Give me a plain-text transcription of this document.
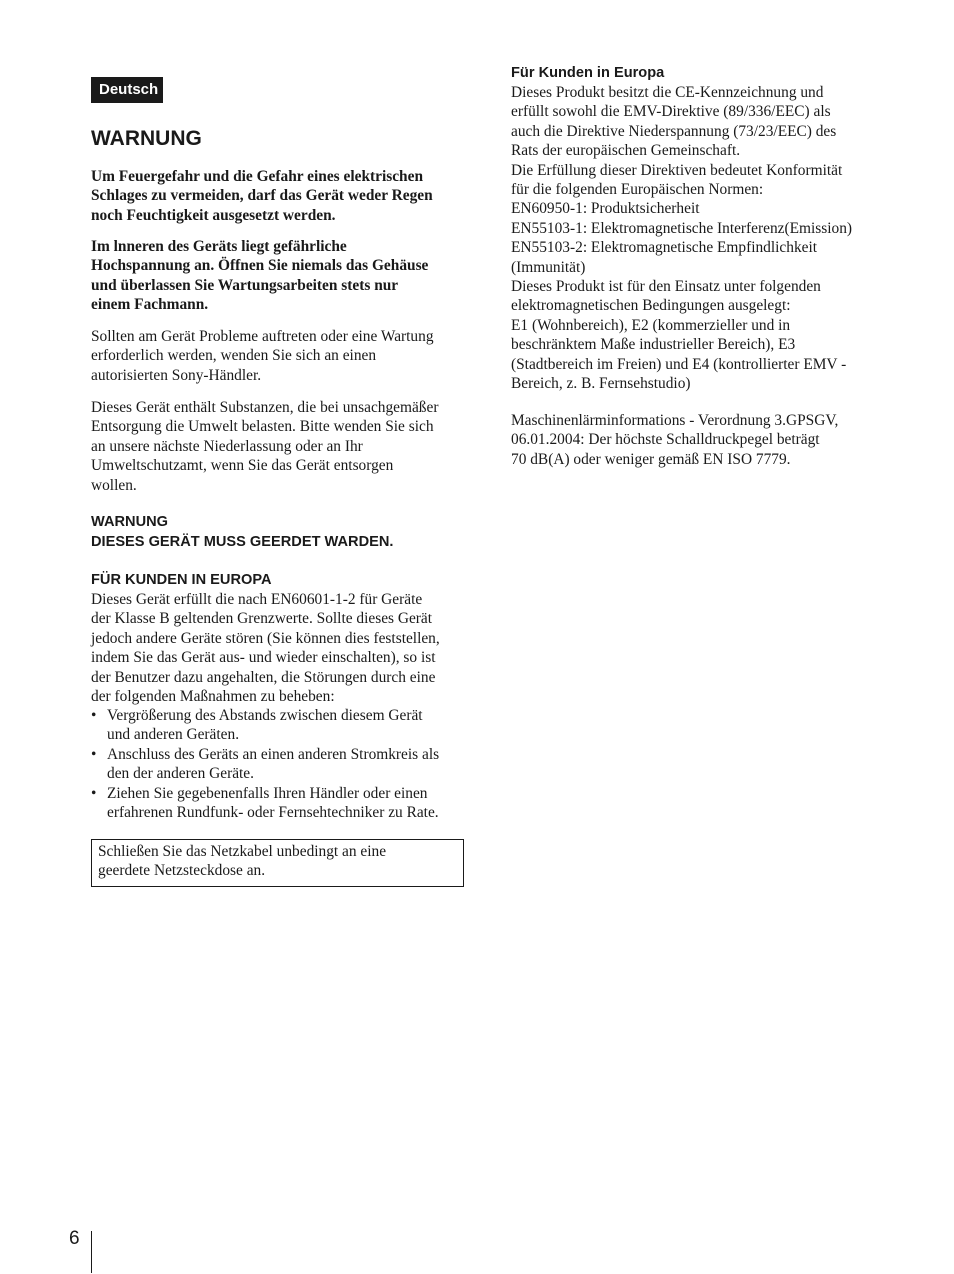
Deutsch
WARNUNG

Um Feuergefahr und die Gefahr eines elektrischen
Schlages zu vermeiden, darf das Gerät weder Regen
noch Feuchtigkeit ausgesetzt werden.

Im lnneren des Geräts liegt gefährliche
Hochspannung an. Öffnen Sie niemals das Gehäuse
und überlassen Sie Wartungsarbeiten stets nur
einem Fachmann.

Sollten am Gerät Probleme auftreten oder eine Wartung
erforderlich werden, wenden Sie sich an einen
autorisierten Sony-Händler.

Dieses Gerät enthält Substanzen, die bei unsachgemäßer
Entsorgung die Umwelt belasten. Bitte wenden Sie sich
an unsere nächste Niederlassung oder an Ihr
Umweltschutzamt, wenn Sie das Gerät entsorgen
wollen.

WARNUNG
DIESES GERÄT MUSS GEERDET WARDEN.
FÜR KUNDEN IN EUROPA

Dieses Gerät erfüllt die nach EN60601-1-2 für Geräte
der Klasse B geltenden Grenzwerte. Sollte dieses Gerät
jedoch andere Geräte stören (Sie können dies feststellen,
indem Sie das Gerät aus- und wieder einschalten), so ist
der Benutzer dazu angehalten, die Störungen durch eine
der folgenden Maßnahmen zu beheben:

• Vergrößerung des Abstands zwischen diesem Gerät
und anderen Geräten.
• Anschluss des Geräts an einen anderen Stromkreis als
den der anderen Geräte.
• Ziehen Sie gegebenenfalls Ihren Händler oder einen
erfahrenen Rundfunk- oder Fernsehtechniker zu Rate.
Schließen Sie das Netzkabel unbedingt an eine
geerdete Netzsteckdose an.
Für Kunden in Europa

Dieses Produkt besitzt die CE-Kennzeichnung und
erfüllt sowohl die EMV-Direktive (89/336/EEC) als
auch die Direktive Niederspannung (73/23/EEC) des
Rats der europäischen Gemeinschaft.
Die Erfüllung dieser Direktiven bedeutet Konformität
für die folgenden Europäischen Normen:
EN60950-1: Produktsicherheit
EN55103-1: Elektromagnetische Interferenz(Emission)
EN55103-2: Elektromagnetische Empfindlichkeit
(Immunität)
Dieses Produkt ist für den Einsatz unter folgenden
elektromagnetischen Bedingungen ausgelegt:
E1 (Wohnbereich), E2 (kommerzieller und in
beschränktem Maße industrieller Bereich), E3
(Stadtbereich im Freien) und E4 (kontrollierter EMV -
Bereich, z. B. Fernsehstudio)

Maschinenlärminformations - Verordnung 3.GPSGV,
06.01.2004: Der höchste Schalldruckpegel beträgt
70 dB(A) oder weniger gemäß EN ISO 7779.

6
